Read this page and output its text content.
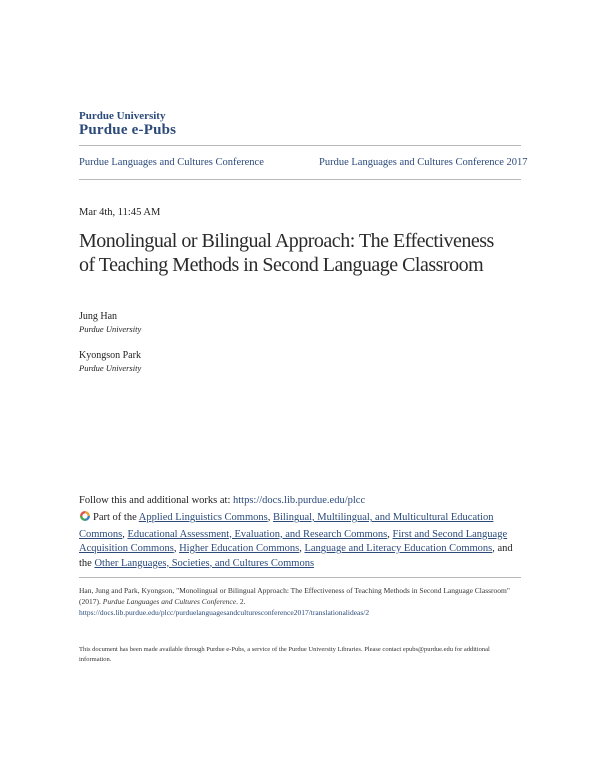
Purdue University
Purdue e-Pubs
Purdue Languages and Cultures Conference	Purdue Languages and Cultures Conference 2017
Mar 4th, 11:45 AM
Monolingual or Bilingual Approach: The Effectiveness of Teaching Methods in Second Language Classroom
Jung Han
Purdue University
Kyongson Park
Purdue University
Follow this and additional works at: https://docs.lib.purdue.edu/plcc
Part of the Applied Linguistics Commons, Bilingual, Multilingual, and Multicultural Education Commons, Educational Assessment, Evaluation, and Research Commons, First and Second Language Acquisition Commons, Higher Education Commons, Language and Literacy Education Commons, and the Other Languages, Societies, and Cultures Commons
Han, Jung and Park, Kyongson, "Monolingual or Bilingual Approach: The Effectiveness of Teaching Methods in Second Language Classroom" (2017). Purdue Languages and Cultures Conference. 2.
https://docs.lib.purdue.edu/plcc/purduelanguagesandculturesconference2017/translationalideas/2
This document has been made available through Purdue e-Pubs, a service of the Purdue University Libraries. Please contact epubs@purdue.edu for additional information.
